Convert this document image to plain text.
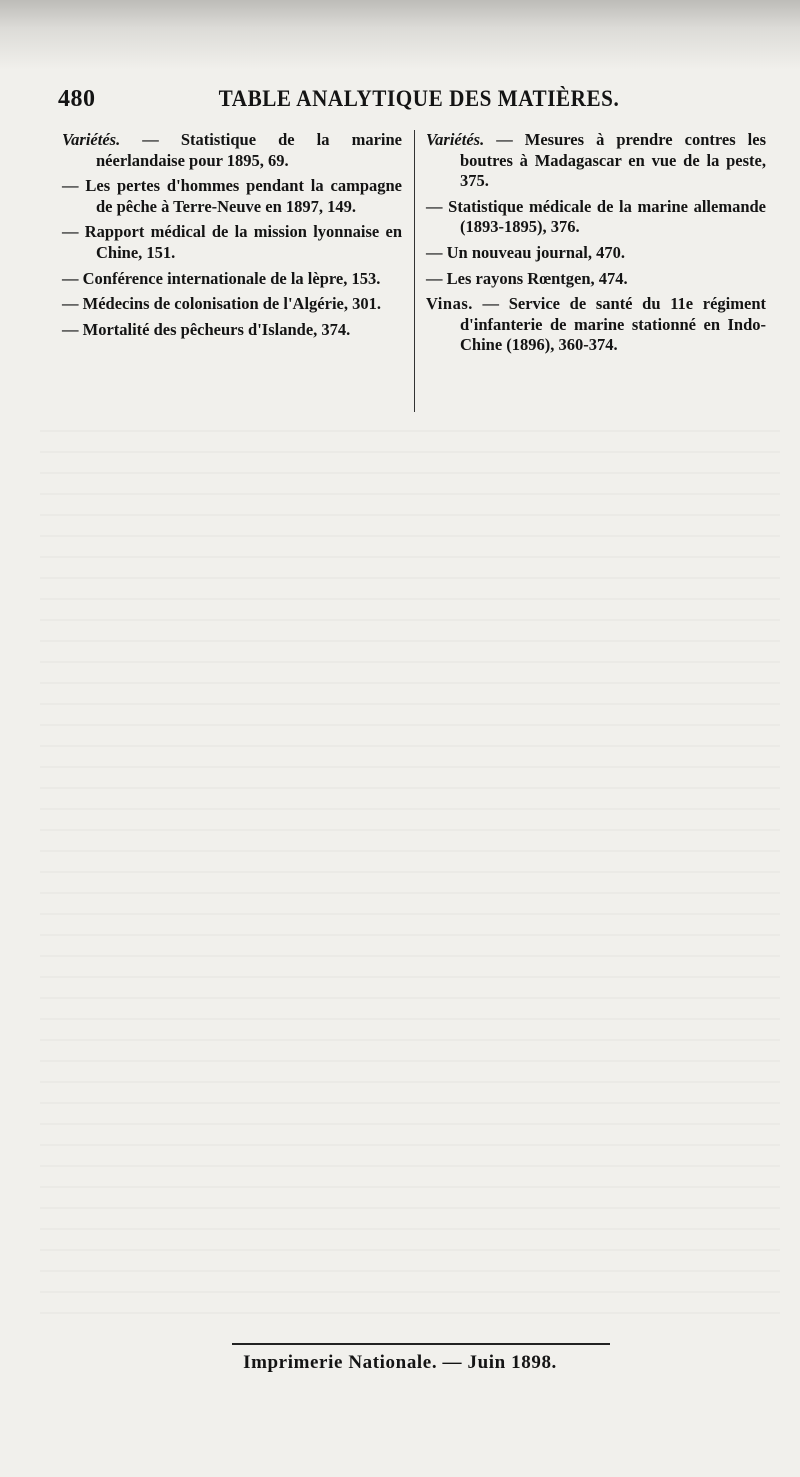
480	TABLE ANALYTIQUE DES MATIÈRES.

Variétés. — Statistique de la marine néerlandaise pour 1895, 69.

— Les pertes d'hommes pendant la campagne de pêche à Terre-Neuve en 1897, 149.

— Rapport médical de la mission lyonnaise en Chine, 151.

— Conférence internationale de la lèpre, 153.

— Médecins de colonisation de l'Algérie, 301.

— Mortalité des pêcheurs d'Islande, 374.

Variétés. — Mesures à prendre contres les boutres à Madagascar en vue de la peste, 375.

— Statistique médicale de la marine allemande (1893-1895), 376.

— Un nouveau journal, 470.

— Les rayons Rœntgen, 474.

Vinas. — Service de santé du 11e régiment d'infanterie de marine stationné en Indo-Chine (1896), 360-374.

Imprimerie Nationale. — Juin 1898.
